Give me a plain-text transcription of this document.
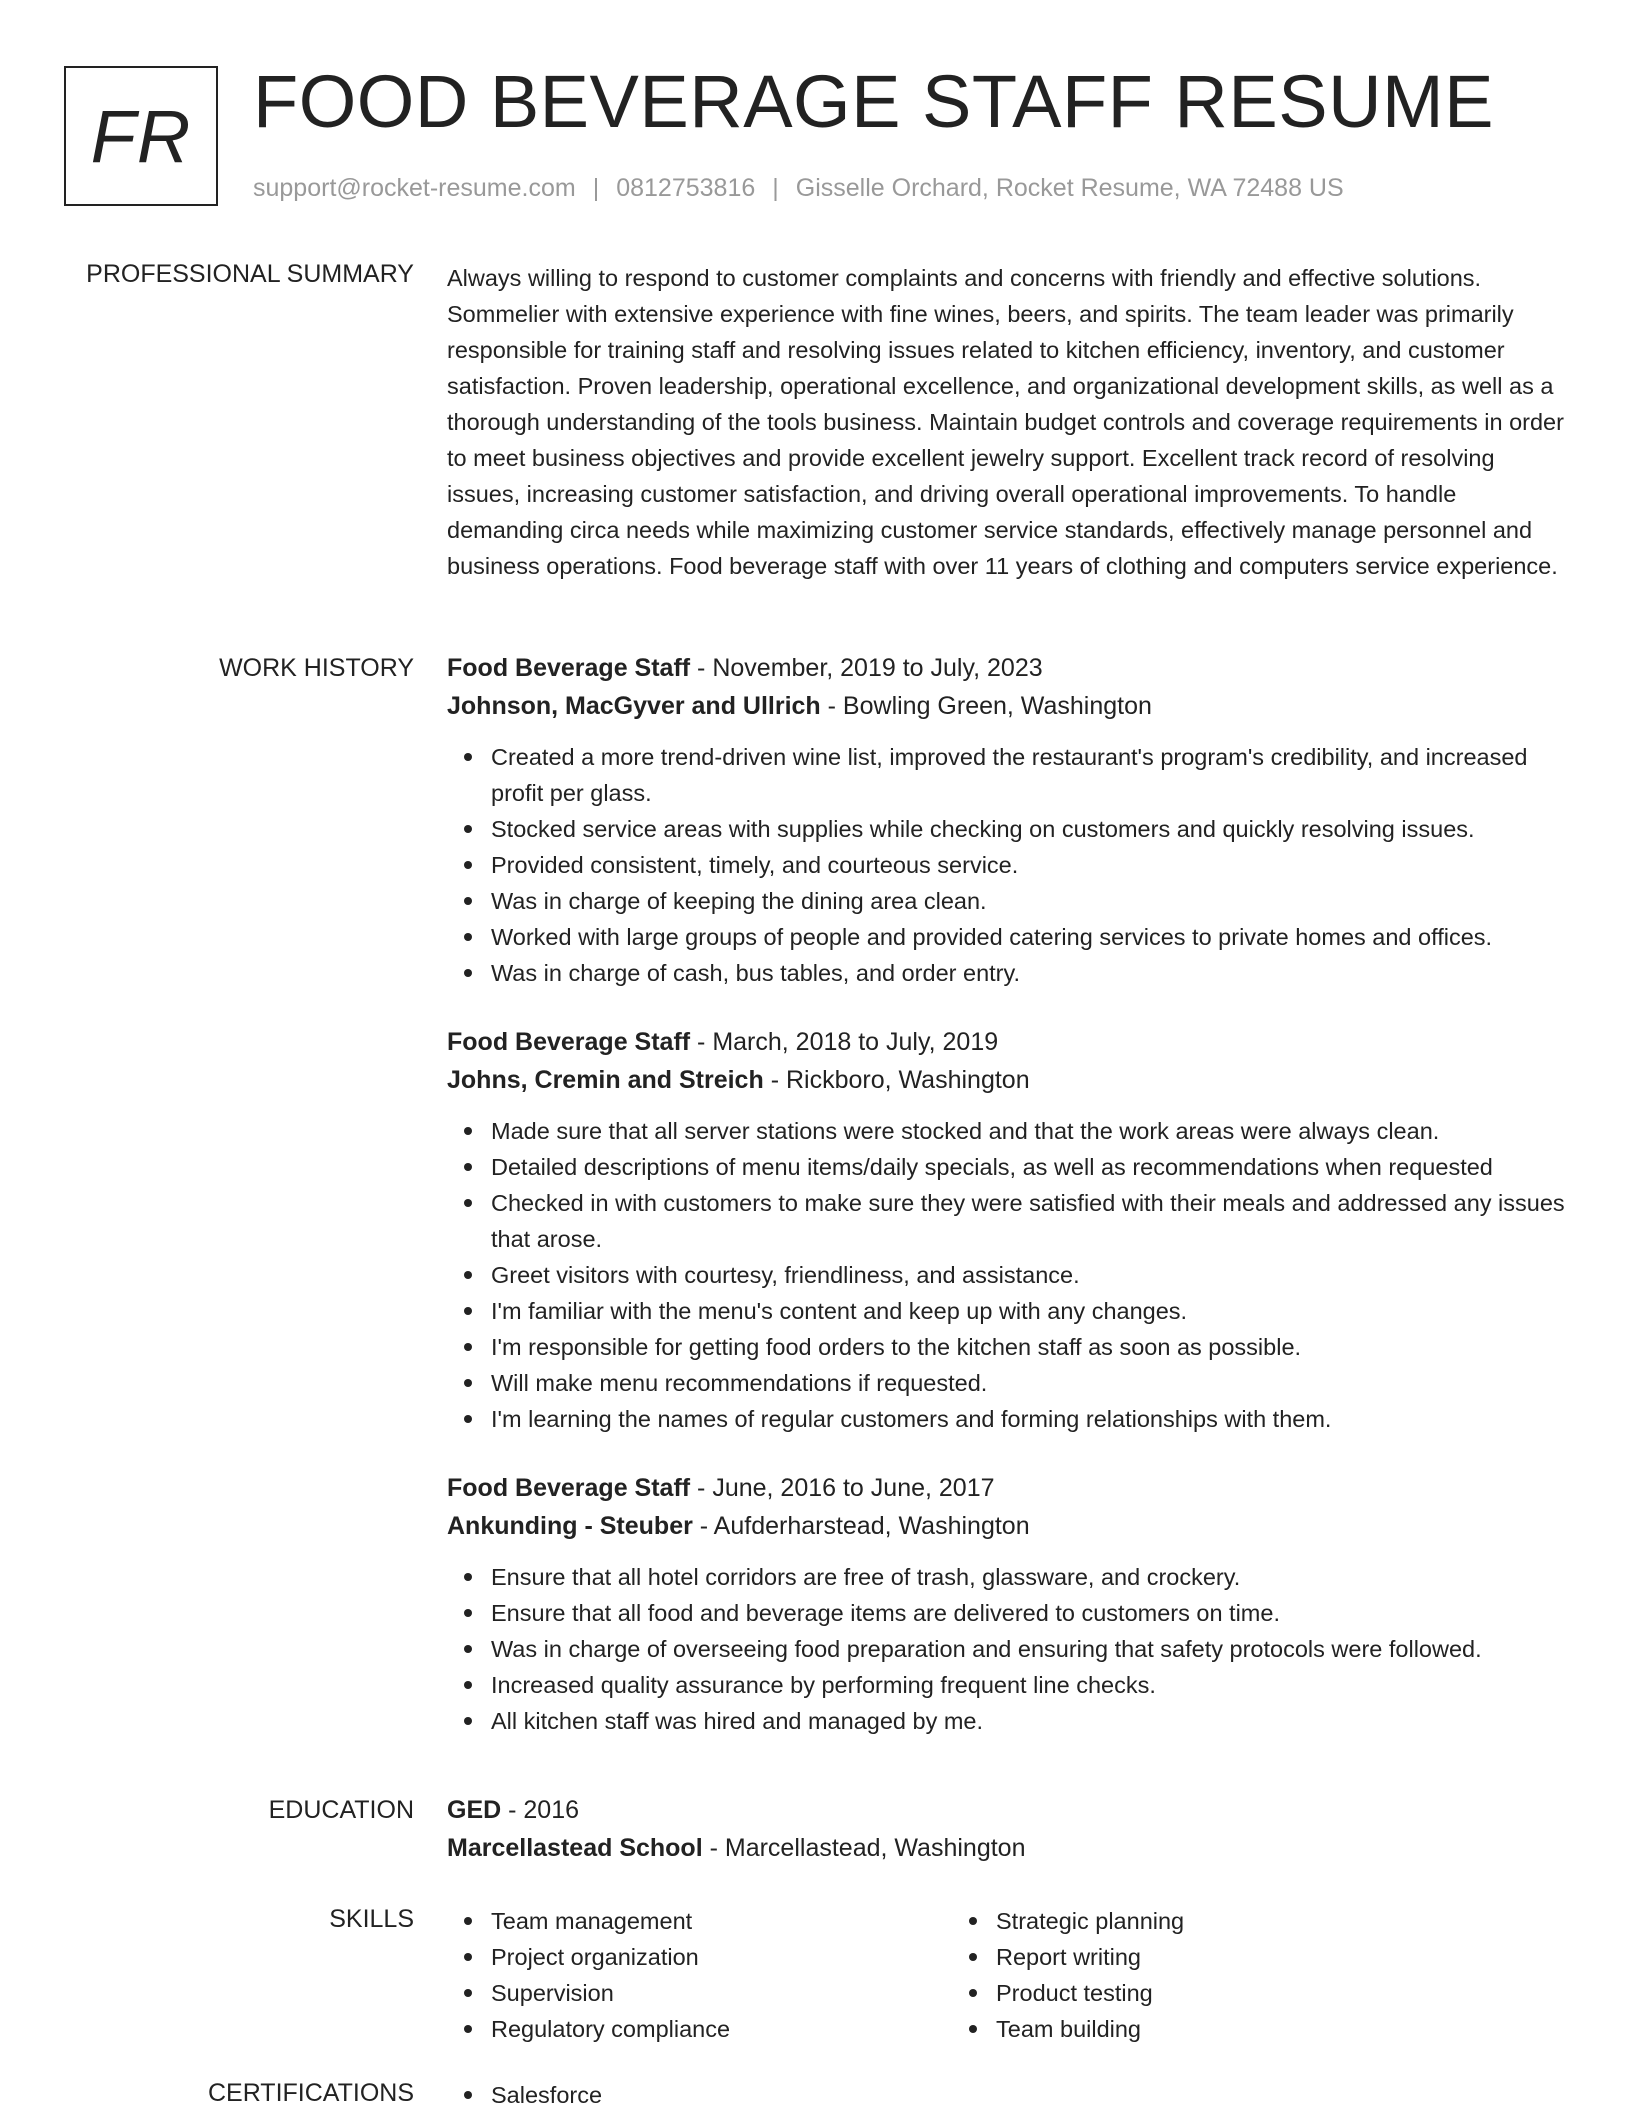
FR FOOD BEVERAGE STAFF RESUME
support@rocket-resume.com | 0812753816 | Gisselle Orchard, Rocket Resume, WA 72488 US
PROFESSIONAL SUMMARY Always willing to respond to customer complaints and concerns with friendly and effective solutions. Sommelier with extensive experience with fine wines, beers, and spirits. The team leader was primarily responsible for training staff and resolving issues related to kitchen efficiency, inventory, and customer satisfaction. Proven leadership, operational excellence, and organizational development skills, as well as a thorough understanding of the tools business. Maintain budget controls and coverage requirements in order to meet business objectives and provide excellent jewelry support. Excellent track record of resolving issues, increasing customer satisfaction, and driving overall operational improvements. To handle demanding circa needs while maximizing customer service standards, effectively manage personnel and business operations. Food beverage staff with over 11 years of clothing and computers service experience.

WORK HISTORY Food Beverage Staff - November, 2019 to July, 2023
Johnson, MacGyver and Ullrich - Bowling Green, Washington
Created a more trend-driven wine list, improved the restaurant's program's credibility, and increased profit per glass.
Stocked service areas with supplies while checking on customers and quickly resolving issues.
Provided consistent, timely, and courteous service.
Was in charge of keeping the dining area clean.
Worked with large groups of people and provided catering services to private homes and offices.
Was in charge of cash, bus tables, and order entry.
Food Beverage Staff - March, 2018 to July, 2019
Johns, Cremin and Streich - Rickboro, Washington
Made sure that all server stations were stocked and that the work areas were always clean.
Detailed descriptions of menu items/daily specials, as well as recommendations when requested
Checked in with customers to make sure they were satisfied with their meals and addressed any issues that arose.
Greet visitors with courtesy, friendliness, and assistance.
I'm familiar with the menu's content and keep up with any changes.
I'm responsible for getting food orders to the kitchen staff as soon as possible.
Will make menu recommendations if requested.
I'm learning the names of regular customers and forming relationships with them.
Food Beverage Staff - June, 2016 to June, 2017
Ankunding - Steuber - Aufderharstead, Washington
Ensure that all hotel corridors are free of trash, glassware, and crockery.
Ensure that all food and beverage items are delivered to customers on time.
Was in charge of overseeing food preparation and ensuring that safety protocols were followed.
Increased quality assurance by performing frequent line checks.
All kitchen staff was hired and managed by me.
EDUCATION GED - 2016
Marcellastead School - Marcellastead, Washington
SKILLS	Team management
Project organization
Supervision
Regulatory compliance
Strategic planning
Report writing
Product testing
Team building
CERTIFICATIONS	Salesforce
